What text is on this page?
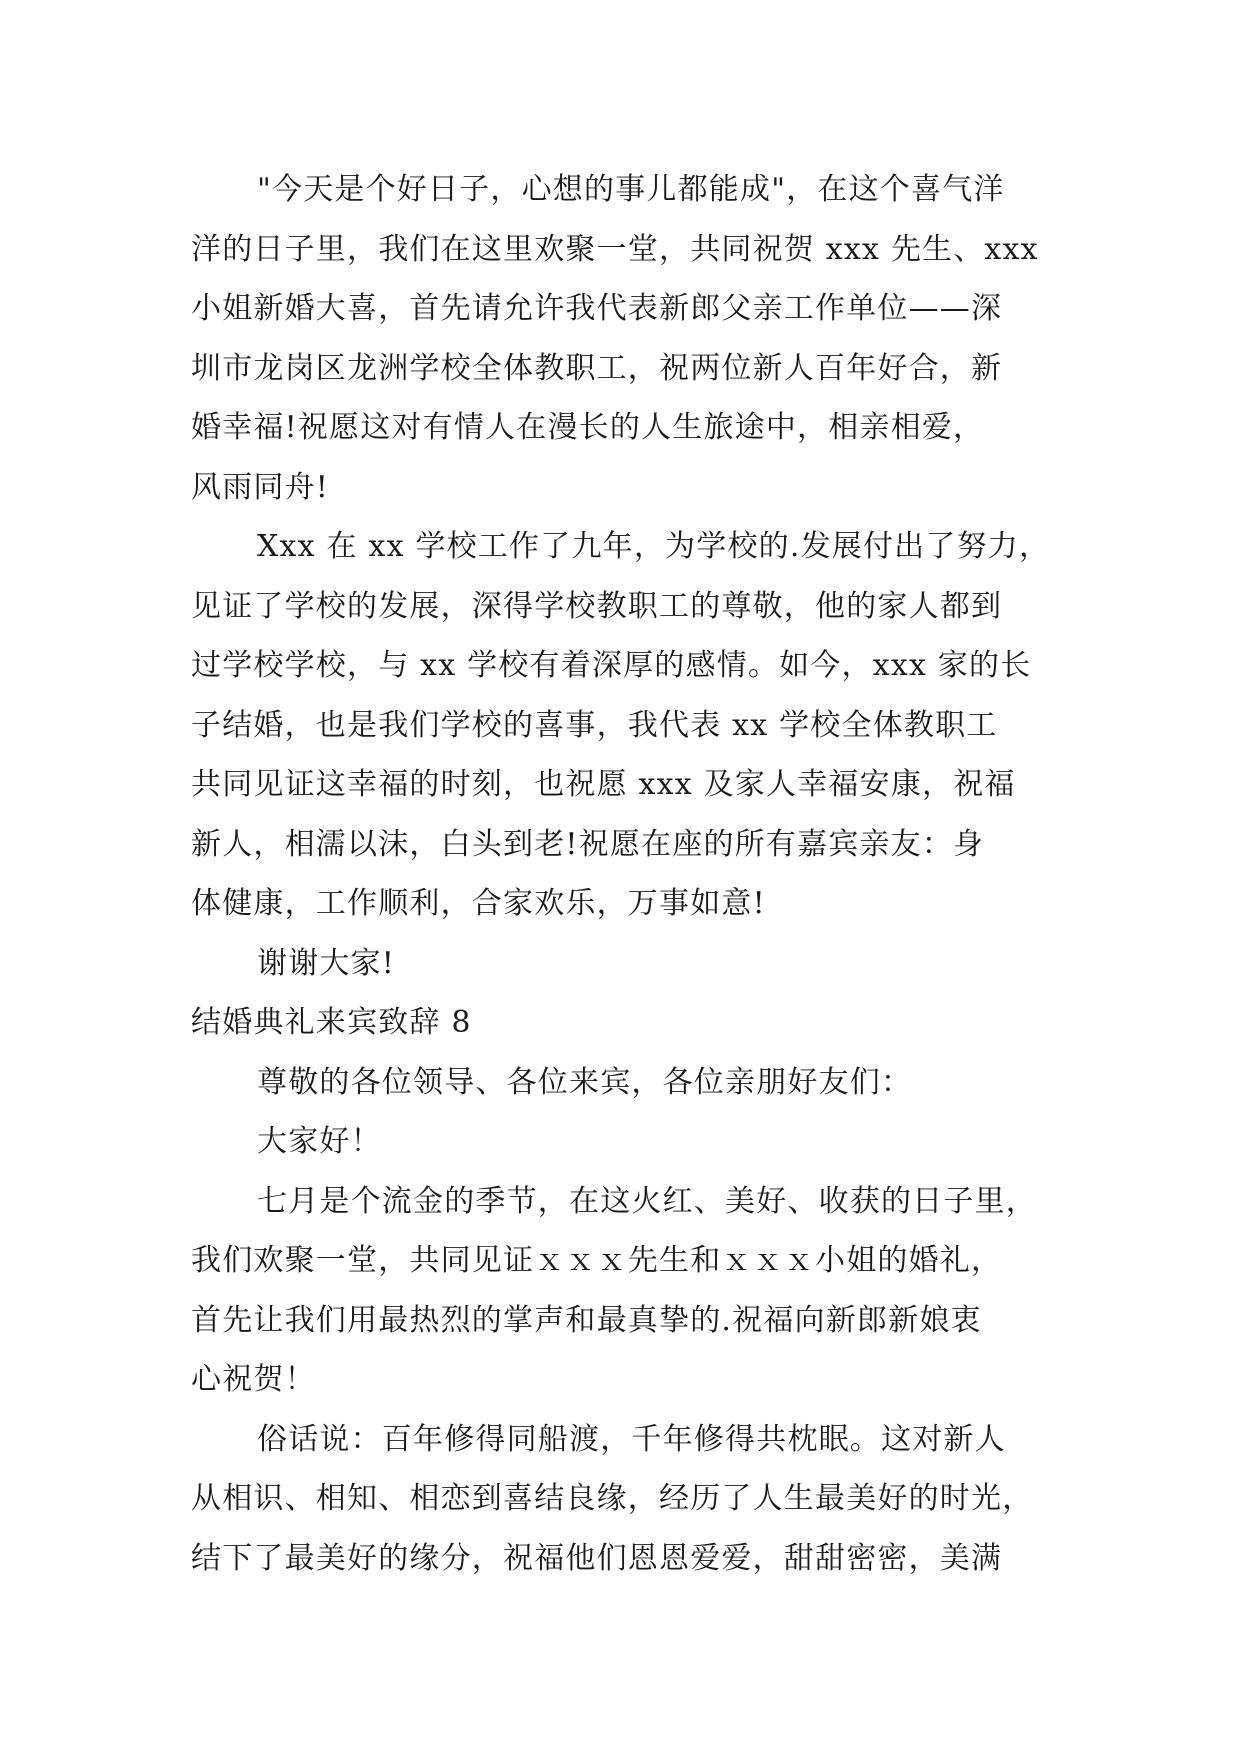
"今天是个好日子，心想的事儿都能成"，在这个喜气洋
洋的日子里，我们在这里欢聚一堂，共同祝贺 xxx 先生、xxx
小姐新婚大喜，首先请允许我代表新郎父亲工作单位——深
圳市龙岗区龙洲学校全体教职工，祝两位新人百年好合，新
婚幸福!祝愿这对有情人在漫长的人生旅途中，相亲相爱，
风雨同舟!
Xxx 在 xx 学校工作了九年，为学校的.发展付出了努力，
见证了学校的发展，深得学校教职工的尊敬，他的家人都到
过学校学校，与 xx 学校有着深厚的感情。如今，xxx 家的长
子结婚，也是我们学校的喜事，我代表 xx 学校全体教职工
共同见证这幸福的时刻，也祝愿 xxx 及家人幸福安康，祝福
新人，相濡以沫，白头到老!祝愿在座的所有嘉宾亲友：身
体健康，工作顺利，合家欢乐，万事如意!
谢谢大家!
结婚典礼来宾致辞 8
尊敬的各位领导、各位来宾，各位亲朋好友们：
大家好！
七月是个流金的季节，在这火红、美好、收获的日子里，
我们欢聚一堂，共同见证ｘｘｘ先生和ｘｘｘ小姐的婚礼，
首先让我们用最热烈的掌声和最真挚的.祝福向新郎新娘衷
心祝贺！
俗话说：百年修得同船渡，千年修得共枕眠。这对新人
从相识、相知、相恋到喜结良缘，经历了人生最美好的时光，
结下了最美好的缘分，祝福他们恩恩爱爱，甜甜密密，美满
